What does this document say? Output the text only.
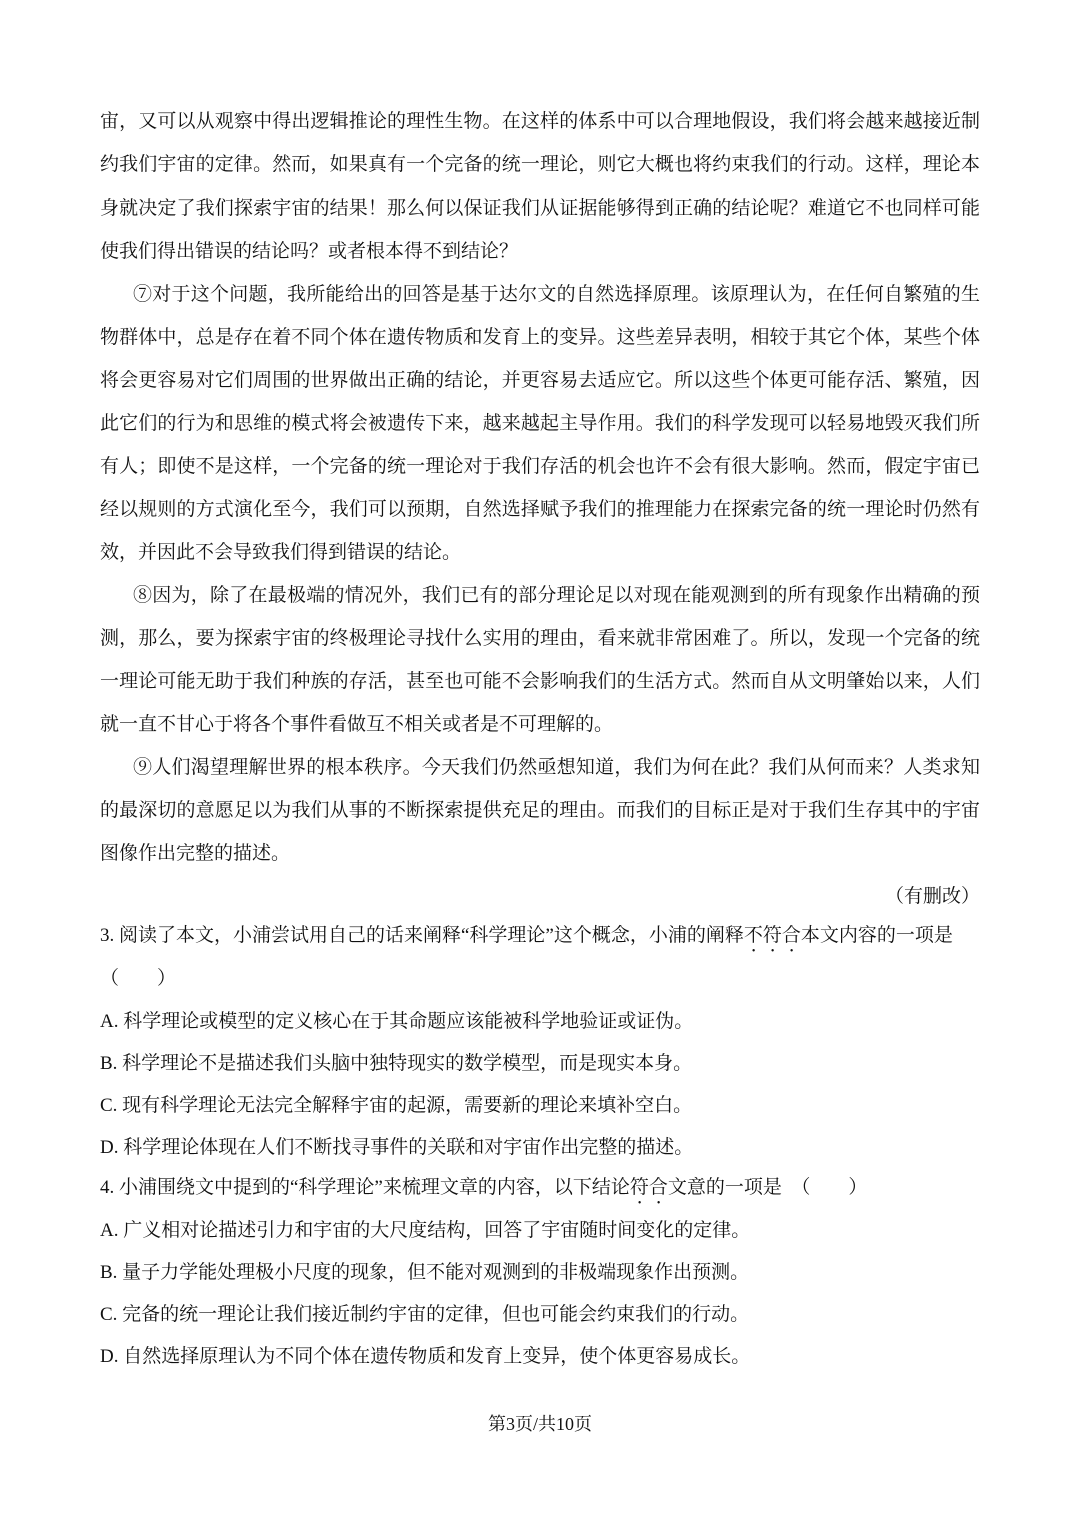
宙，又可以从观察中得出逻辑推论的理性生物。在这样的体系中可以合理地假设，我们将会越来越接近制
约我们宇宙的定律。然而，如果真有一个完备的统一理论，则它大概也将约束我们的行动。这样，理论本
身就决定了我们探索宇宙的结果！那么何以保证我们从证据能够得到正确的结论呢？难道它不也同样可能
使我们得出错误的结论吗？或者根本得不到结论？
⑦对于这个问题，我所能给出的回答是基于达尔文的自然选择原理。该原理认为，在任何自繁殖的生
物群体中，总是存在着不同个体在遗传物质和发育上的变异。这些差异表明，相较于其它个体，某些个体
将会更容易对它们周围的世界做出正确的结论，并更容易去适应它。所以这些个体更可能存活、繁殖，因
此它们的行为和思维的模式将会被遗传下来，越来越起主导作用。我们的科学发现可以轻易地毁灭我们所
有人；即使不是这样，一个完备的统一理论对于我们存活的机会也许不会有很大影响。然而，假定宇宙已
经以规则的方式演化至今，我们可以预期，自然选择赋予我们的推理能力在探索完备的统一理论时仍然有
效，并因此不会导致我们得到错误的结论。
⑧因为，除了在最极端的情况外，我们已有的部分理论足以对现在能观测到的所有现象作出精确的预
测，那么，要为探索宇宙的终极理论寻找什么实用的理由，看来就非常困难了。所以，发现一个完备的统
一理论可能无助于我们种族的存活，甚至也可能不会影响我们的生活方式。然而自从文明肇始以来，人们
就一直不甘心于将各个事件看做互不相关或者是不可理解的。
⑨人们渴望理解世界的根本秩序。今天我们仍然亟想知道，我们为何在此？我们从何而来？人类求知
的最深切的意愿足以为我们从事的不断探索提供充足的理由。而我们的目标正是对于我们生存其中的宇宙
图像作出完整的描述。
（有删改）
3. 阅读了本文，小浦尝试用自己的话来阐释“科学理论”这个概念，小浦的阐释不符合本文内容的一项是
（　　）
A. 科学理论或模型的定义核心在于其命题应该能被科学地验证或证伪。
B. 科学理论不是描述我们头脑中独特现实的数学模型，而是现实本身。
C. 现有科学理论无法完全解释宇宙的起源，需要新的理论来填补空白。
D. 科学理论体现在人们不断找寻事件的关联和对宇宙作出完整的描述。
4. 小浦围绕文中提到的“科学理论”来梳理文章的内容，以下结论符合文意的一项是　（　　）
A. 广义相对论描述引力和宇宙的大尺度结构，回答了宇宙随时间变化的定律。
B. 量子力学能处理极小尺度的现象，但不能对观测到的非极端现象作出预测。
C. 完备的统一理论让我们接近制约宇宙的定律，但也可能会约束我们的行动。
D. 自然选择原理认为不同个体在遗传物质和发育上变异，使个体更容易成长。
第3页/共10页
